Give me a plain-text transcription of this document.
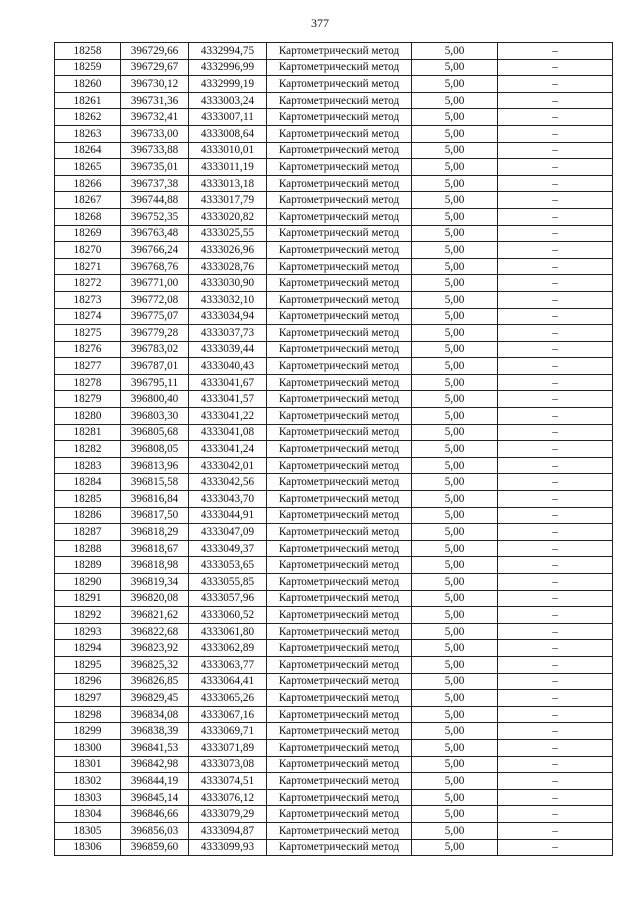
377
18258	396729,66	4332994,75	Картометрический метод	5,00	–
18259	396729,67	4332996,99	Картометрический метод	5,00	–
18260	396730,12	4332999,19	Картометрический метод	5,00	–
18261	396731,36	4333003,24	Картометрический метод	5,00	–
18262	396732,41	4333007,11	Картометрический метод	5,00	–
18263	396733,00	4333008,64	Картометрический метод	5,00	–
18264	396733,88	4333010,01	Картометрический метод	5,00	–
18265	396735,01	4333011,19	Картометрический метод	5,00	–
18266	396737,38	4333013,18	Картометрический метод	5,00	–
18267	396744,88	4333017,79	Картометрический метод	5,00	–
18268	396752,35	4333020,82	Картометрический метод	5,00	–
18269	396763,48	4333025,55	Картометрический метод	5,00	–
18270	396766,24	4333026,96	Картометрический метод	5,00	–
18271	396768,76	4333028,76	Картометрический метод	5,00	–
18272	396771,00	4333030,90	Картометрический метод	5,00	–
18273	396772,08	4333032,10	Картометрический метод	5,00	–
18274	396775,07	4333034,94	Картометрический метод	5,00	–
18275	396779,28	4333037,73	Картометрический метод	5,00	–
18276	396783,02	4333039,44	Картометрический метод	5,00	–
18277	396787,01	4333040,43	Картометрический метод	5,00	–
18278	396795,11	4333041,67	Картометрический метод	5,00	–
18279	396800,40	4333041,57	Картометрический метод	5,00	–
18280	396803,30	4333041,22	Картометрический метод	5,00	–
18281	396805,68	4333041,08	Картометрический метод	5,00	–
18282	396808,05	4333041,24	Картометрический метод	5,00	–
18283	396813,96	4333042,01	Картометрический метод	5,00	–
18284	396815,58	4333042,56	Картометрический метод	5,00	–
18285	396816,84	4333043,70	Картометрический метод	5,00	–
18286	396817,50	4333044,91	Картометрический метод	5,00	–
18287	396818,29	4333047,09	Картометрический метод	5,00	–
18288	396818,67	4333049,37	Картометрический метод	5,00	–
18289	396818,98	4333053,65	Картометрический метод	5,00	–
18290	396819,34	4333055,85	Картометрический метод	5,00	–
18291	396820,08	4333057,96	Картометрический метод	5,00	–
18292	396821,62	4333060,52	Картометрический метод	5,00	–
18293	396822,68	4333061,80	Картометрический метод	5,00	–
18294	396823,92	4333062,89	Картометрический метод	5,00	–
18295	396825,32	4333063,77	Картометрический метод	5,00	–
18296	396826,85	4333064,41	Картометрический метод	5,00	–
18297	396829,45	4333065,26	Картометрический метод	5,00	–
18298	396834,08	4333067,16	Картометрический метод	5,00	–
18299	396838,39	4333069,71	Картометрический метод	5,00	–
18300	396841,53	4333071,89	Картометрический метод	5,00	–
18301	396842,98	4333073,08	Картометрический метод	5,00	–
18302	396844,19	4333074,51	Картометрический метод	5,00	–
18303	396845,14	4333076,12	Картометрический метод	5,00	–
18304	396846,66	4333079,29	Картометрический метод	5,00	–
18305	396856,03	4333094,87	Картометрический метод	5,00	–
18306	396859,60	4333099,93	Картометрический метод	5,00	–
